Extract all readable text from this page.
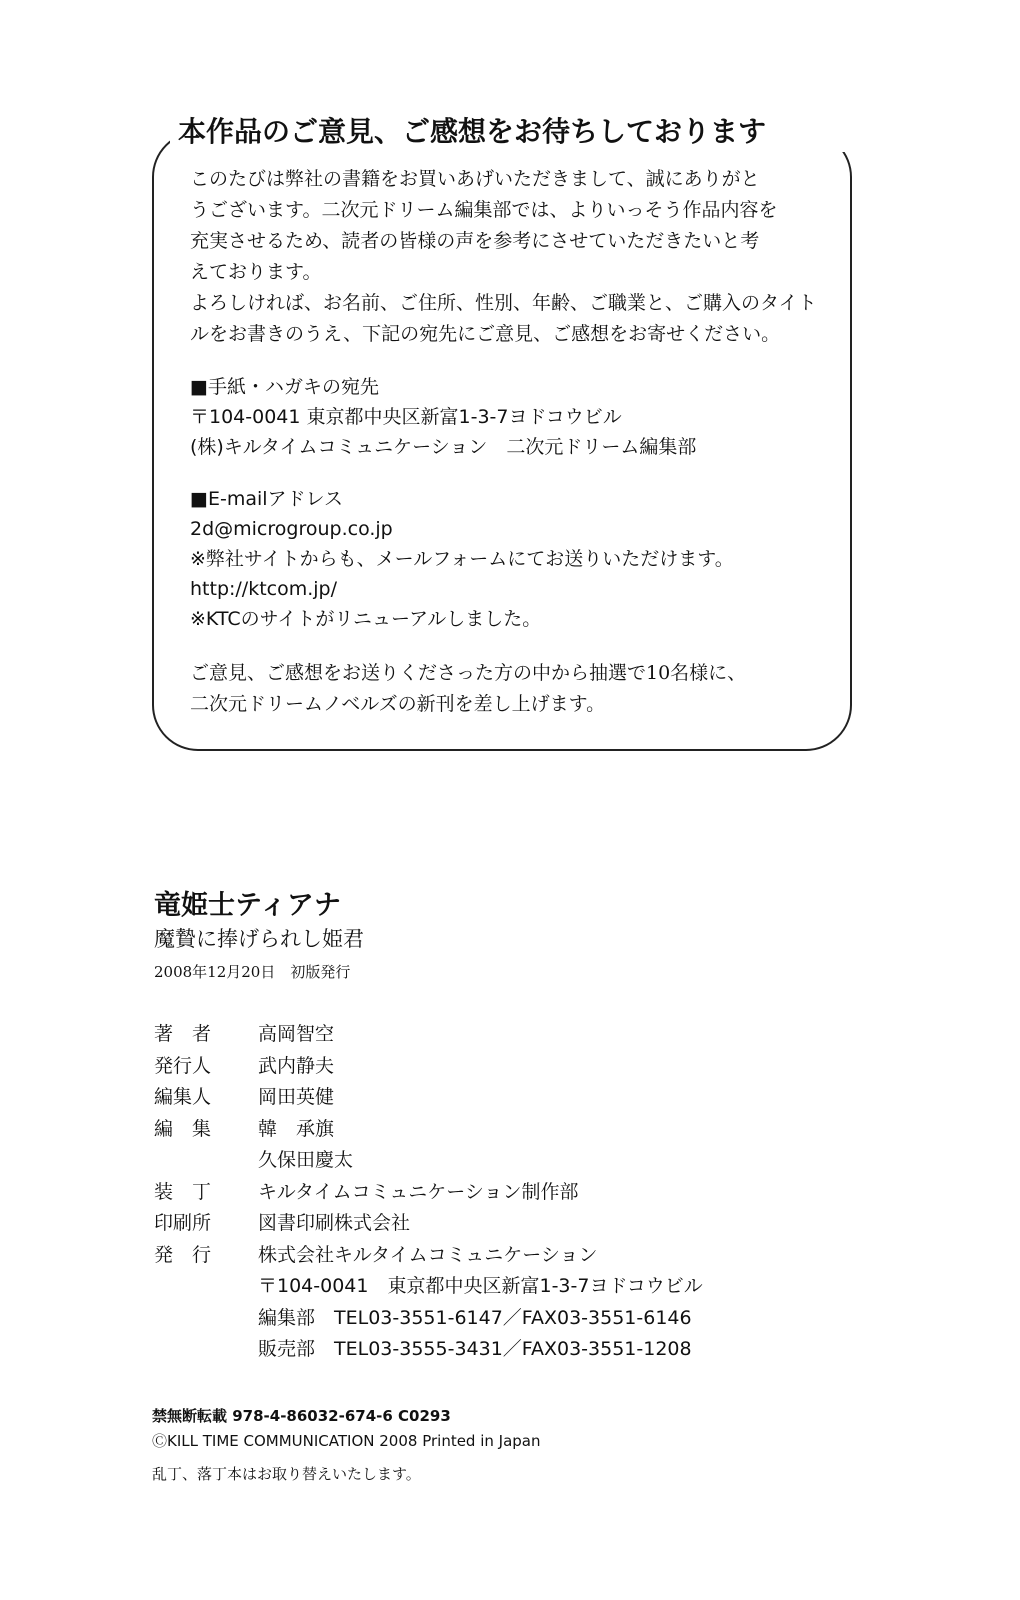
本作品のご意見、ご感想をお待ちしております

このたびは弊社の書籍をお買いあげいただきまして、誠にありがと
うございます。二次元ドリーム編集部では、よりいっそう作品内容を
充実させるため、読者の皆様の声を参考にさせていただきたいと考
えております。
よろしければ、お名前、ご住所、性別、年齢、ご職業と、ご購入のタイト
ルをお書きのうえ、下記の宛先にご意見、ご感想をお寄せください。

■手紙・ハガキの宛先
〒104-0041 東京都中央区新富1-3-7ヨドコウビル
(株)キルタイムコミュニケーション　二次元ドリーム編集部
■E-mailアドレス
2d@microgroup.co.jp
※弊社サイトからも、メールフォームにてお送りいただけます。
http://ktcom.jp/
※KTCのサイトがリニューアルしました。

ご意見、ご感想をお送りくださった方の中から抽選で10名様に、
二次元ドリームノベルズの新刊を差し上げます。

竜姫士ティアナ
魔贄に捧げられし姫君
2008年12月20日　初版発行
著　者	高岡智空
発行人	武内静夫
編集人	岡田英健
編　集	韓　承旗
久保田慶太
装　丁	キルタイムコミュニケーション制作部
印刷所	図書印刷株式会社
発　行	株式会社キルタイムコミュニケーション
〒104-0041　東京都中央区新富1-3-7ヨドコウビル
編集部　TEL03-3551-6147／FAX03-3551-6146
販売部　TEL03-3555-3431／FAX03-3551-1208
禁無断転載 978-4-86032-674-6 C0293
ⒸKILL TIME COMMUNICATION 2008 Printed in Japan
乱丁、落丁本はお取り替えいたします。
